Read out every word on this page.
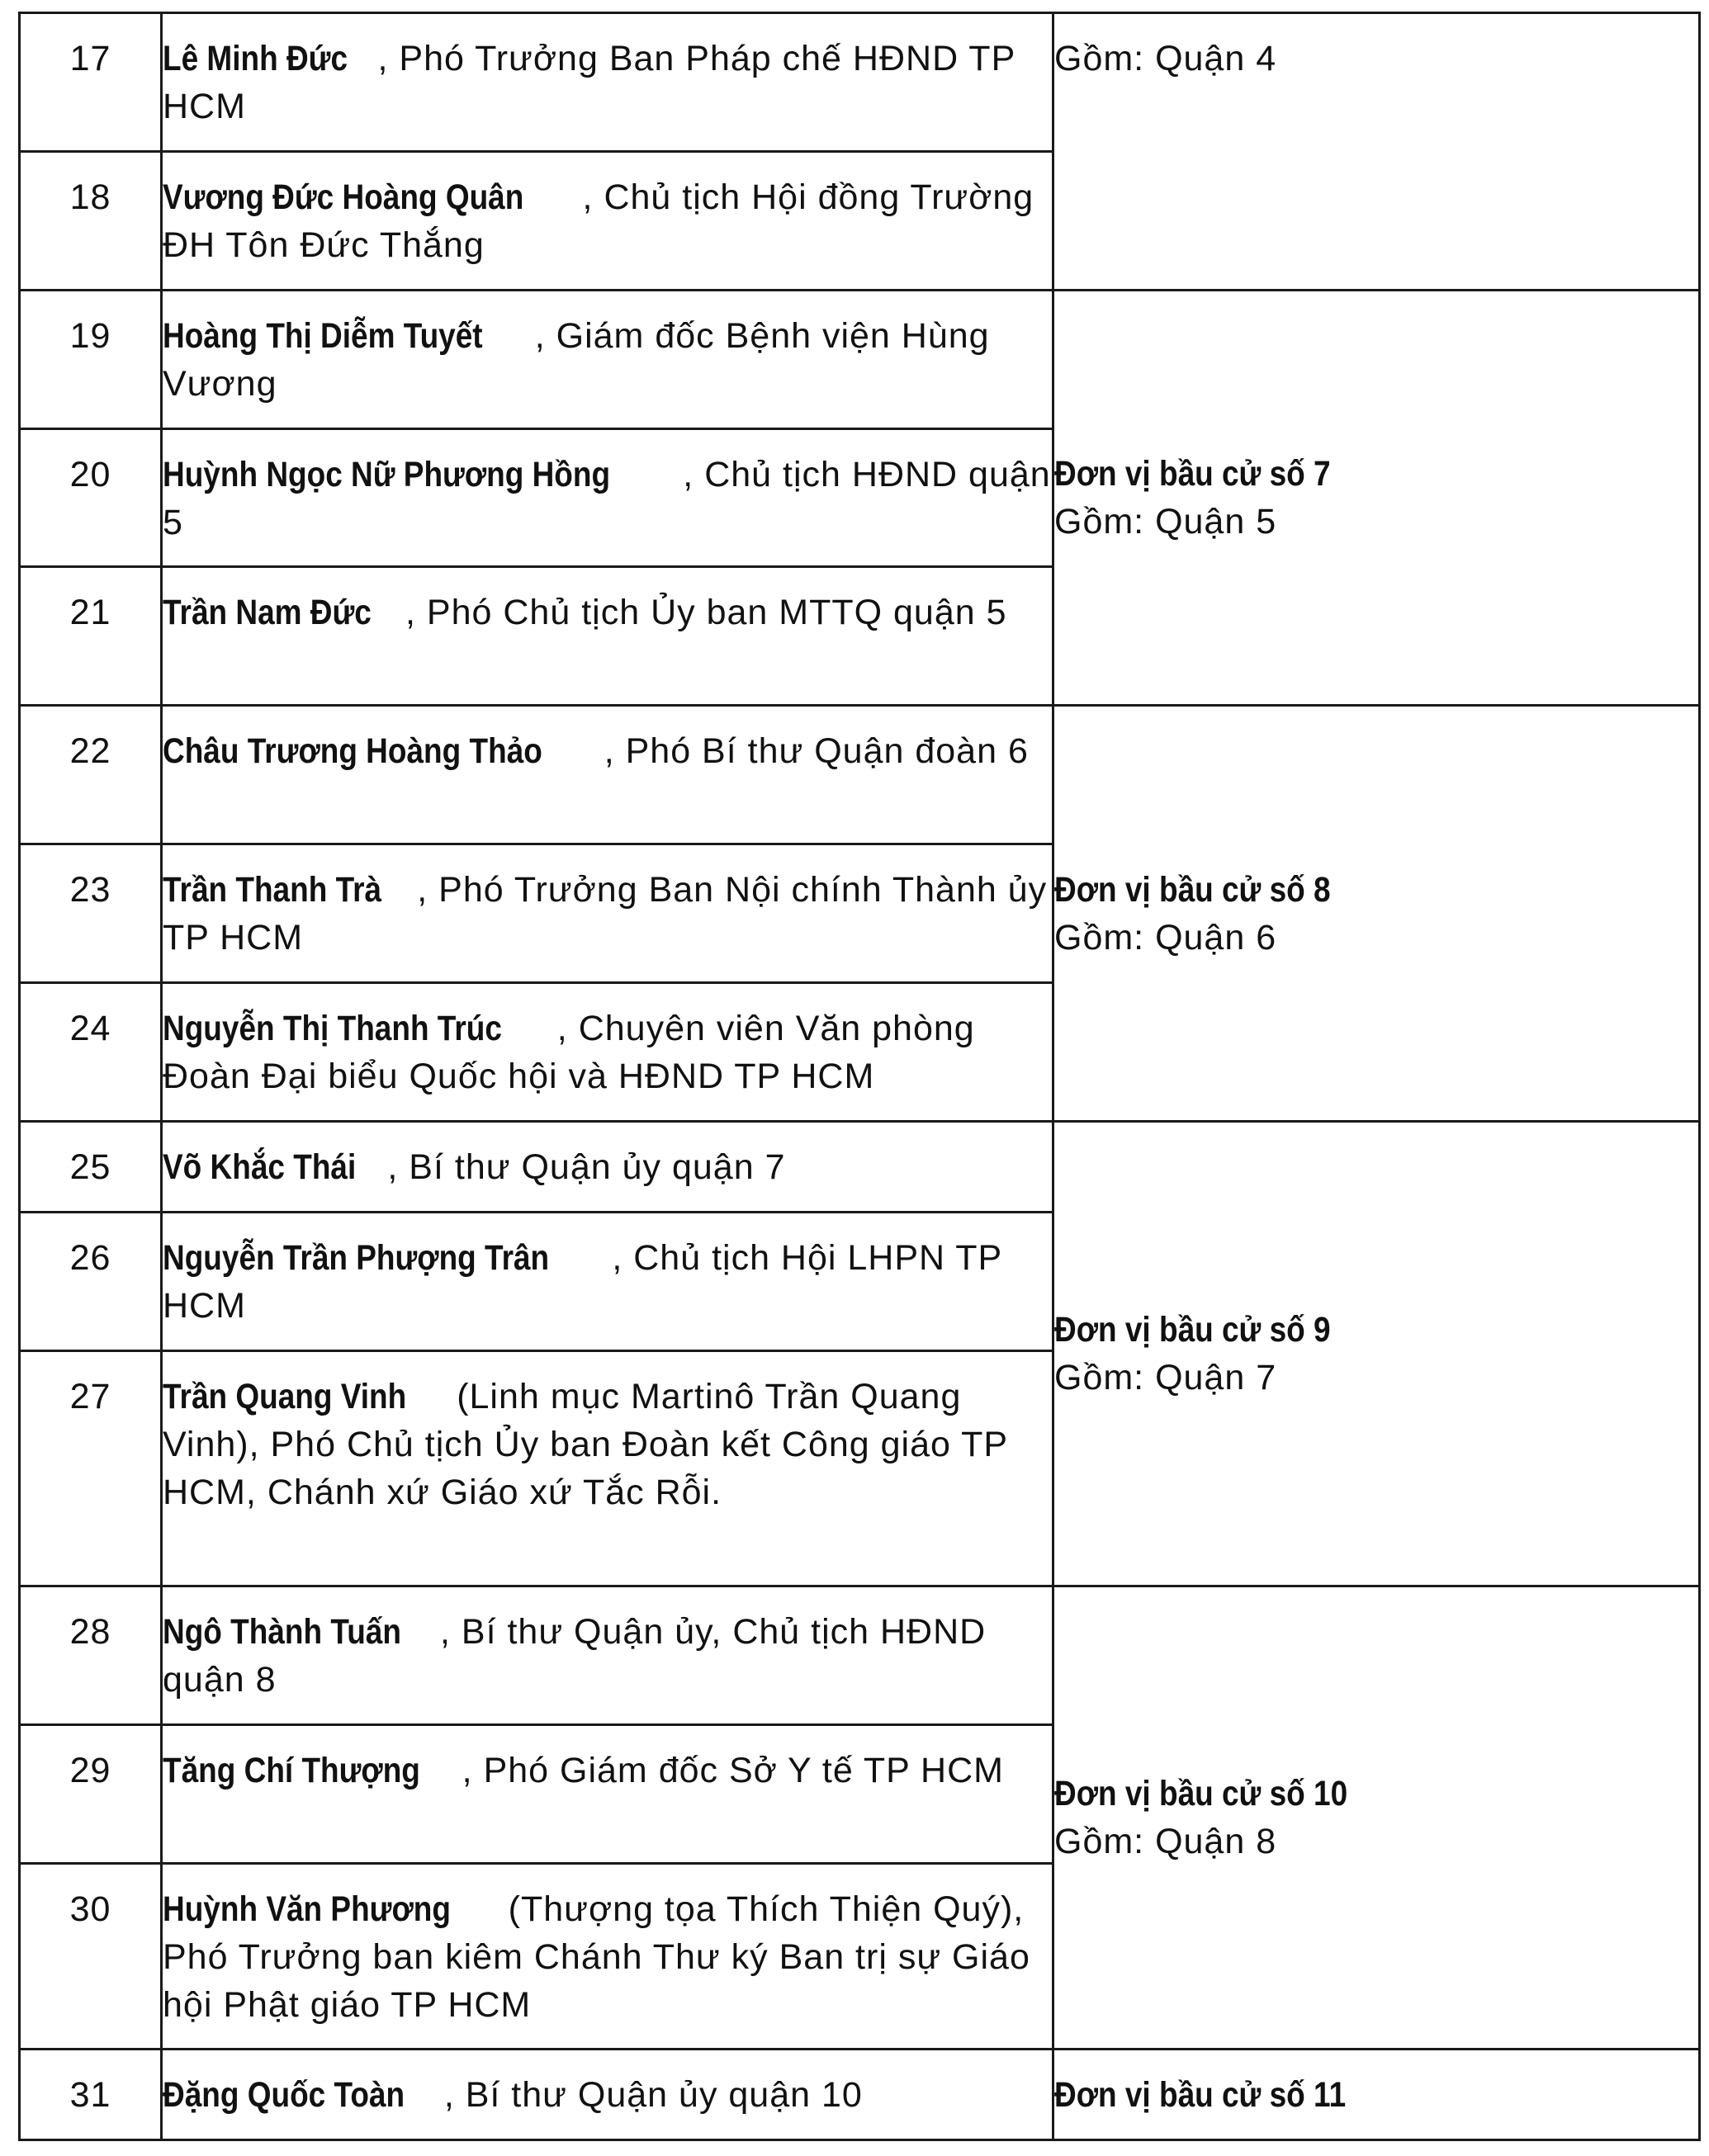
17	Lê Minh Đức , Phó Trưởng Ban Pháp chế HĐND TP HCM	Gồm: Quận 4

18	Vương Đức Hoàng Quân , Chủ tịch Hội đồng Trường ĐH Tôn Đức Thắng	
19	Hoàng Thị Diễm Tuyết , Giám đốc Bệnh viện Hùng Vương	Đơn vị bầu cử số 7
Gồm: Quận 5

20	Huỳnh Ngọc Nữ Phương Hồng , Chủ tịch HĐND quận 5	
21	Trần Nam Đức , Phó Chủ tịch Ủy ban MTTQ quận 5	
22	Châu Trương Hoàng Thảo , Phó Bí thư Quận đoàn 6	Đơn vị bầu cử số 8
Gồm: Quận 6

23	Trần Thanh Trà , Phó Trưởng Ban Nội chính Thành ủy TP HCM	
24	Nguyễn Thị Thanh Trúc , Chuyên viên Văn phòng Đoàn Đại biểu Quốc hội và HĐND TP HCM	
25	Võ Khắc Thái , Bí thư Quận ủy quận 7	Đơn vị bầu cử số 9
Gồm: Quận 7

26	Nguyễn Trần Phượng Trân , Chủ tịch Hội LHPN TP HCM	
27	Trần Quang Vinh (Linh mục Martinô Trần Quang Vinh), Phó Chủ tịch Ủy ban Đoàn kết Công giáo TP HCM, Chánh xứ Giáo xứ Tắc Rỗi.	
28	Ngô Thành Tuấn , Bí thư Quận ủy, Chủ tịch HĐND quận 8	Đơn vị bầu cử số 10
Gồm: Quận 8

29	Tăng Chí Thượng , Phó Giám đốc Sở Y tế TP HCM	
30	Huỳnh Văn Phương (Thượng tọa Thích Thiện Quý), Phó Trưởng ban kiêm Chánh Thư ký Ban trị sự Giáo hội Phật giáo TP HCM	
31	Đặng Quốc Toàn , Bí thư Quận ủy quận 10	Đơn vị bầu cử số 11
